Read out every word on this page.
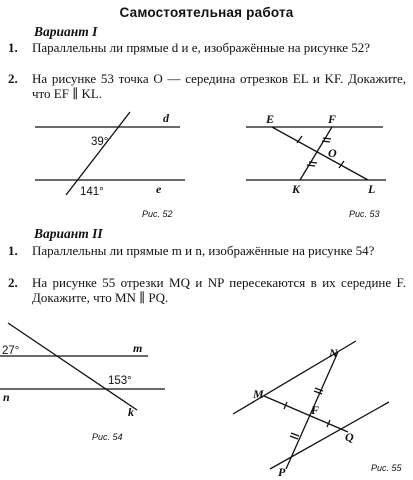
Самостоятельная работа
Вариант I
1. Параллельны ли прямые d и e, изображённые на рисунке 52?
2. На рисунке 53 точка O — середина отрезков EL и KF. Докажите, что EF ∥ KL.
Вариант II
1. Параллельны ли прямые m и n, изображённые на рисунке 54?
2. На рисунке 55 отрезки MQ и NP пересекаются в их середине F. Докажите, что MN ∥ PQ.
d
e
39°
141°
Рис. 52
E	F
O
K	L
Рис. 53
27°	m
153°
n
k
Рис. 54
N
M
F
Q
P	Рис. 55
